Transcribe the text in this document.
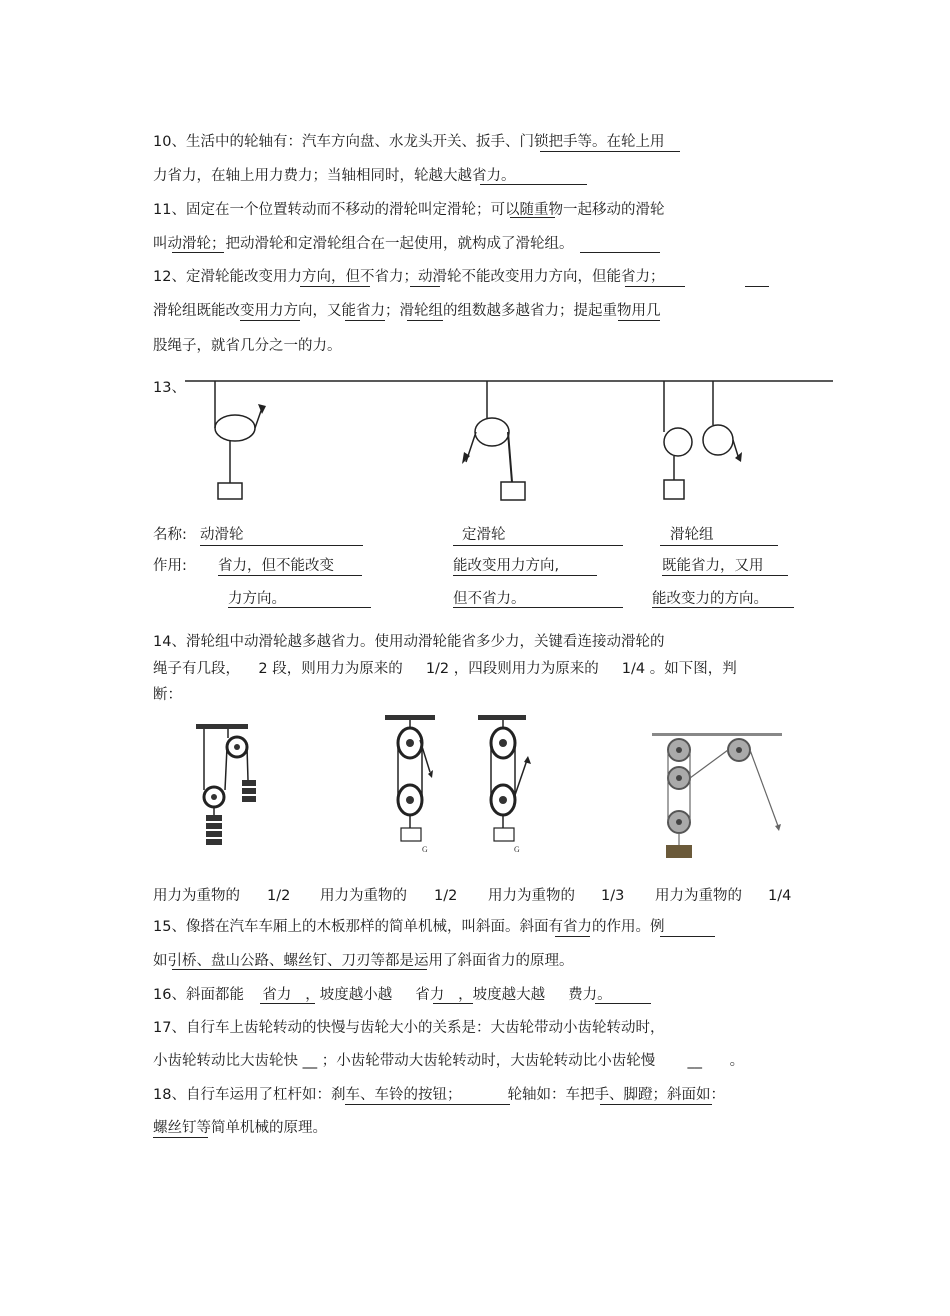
10、生活中的轮轴有：汽车方向盘、水龙头开关、扳手、门锁把手等。在轮上用
力省力，在轴上用力费力；当轴相同时，轮越大越省力。
11、固定在一个位置转动而不移动的滑轮叫定滑轮；可以随重物一起移动的滑轮
叫动滑轮；把动滑轮和定滑轮组合在一起使用，就构成了滑轮组。
12、定滑轮能改变用力方向，但不省力；动滑轮不能改变用力方向，但能省力；
滑轮组既能改变用力方向，又能省力；滑轮组的组数越多越省力；提起重物用几
股绳子，就省几分之一的力。
13、
名称: 动滑轮	定滑轮	滑轮组
作用: 省力，但不能改变	能改变用力方向,	既能省力，又用
力方向。	但不省力。	能改变力的方向。
14、滑轮组中动滑轮越多越省力。使用动滑轮能省多少力，关键看连接动滑轮的
绳子有几段，    2 段，则用力为原来的     1/2 ，四段则用力为原来的     1/4 。如下图，判
断：
G	G
用力为重物的 1/2 用力为重物的 1/2 用力为重物的 1/3 用力为重物的 1/4
15、像搭在汽车车厢上的木板那样的简单机械，叫斜面。斜面有省力的作用。例
如引桥、盘山公路、螺丝钉、刀刃等都是运用了斜面省力的原理。
16、斜面都能    省力   ，坡度越小越     省力   ，坡度越大越     费力。
17、自行车上齿轮转动的快慢与齿轮大小的关系是：大齿轮带动小齿轮转动时，
小齿轮转动比大齿轮快 __ ；小齿轮带动大齿轮转动时，大齿轮转动比小齿轮慢       __      。
18、自行车运用了杠杆如：刹车、车铃的按钮；          轮轴如：车把手、脚蹬；斜面如：
螺丝钉等简单机械的原理。
